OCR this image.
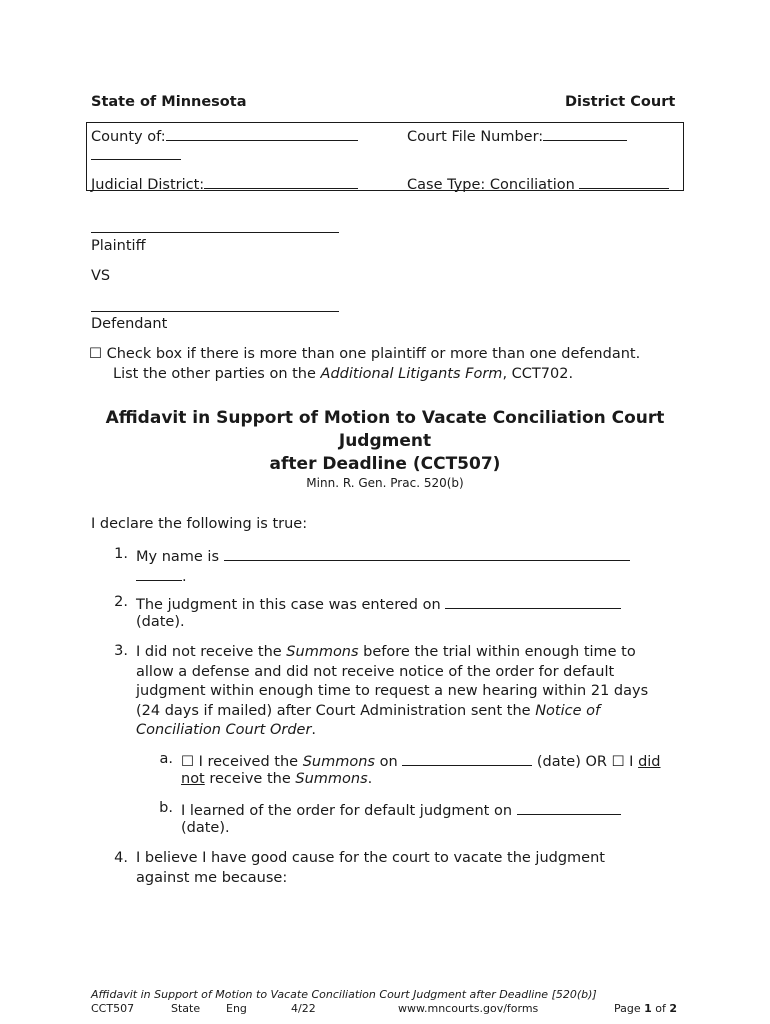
State of Minnesota	District Court
County of:	Court File Number:
Judicial District:	Case Type: Conciliation
Plaintiff
VS
Defendant
☐ Check box if there is more than one plaintiff or more than one defendant.
List the other parties on the Additional Litigants Form, CCT702.
Affidavit in Support of Motion to Vacate Conciliation Court
Judgment
after Deadline (CCT507)
Minn. R. Gen. Prac. 520(b)
I declare the following is true:
1. My name is
.
2. The judgment in this case was entered on
(date).
3. I did not receive the Summons before the trial within enough time to allow a defense and did not receive notice of the order for default judgment within enough time to request a new hearing within 21 days (24 days if mailed) after Court Administration sent the Notice of Conciliation Court Order.
a. ☐ I received the Summons on	(date) OR ☐ I did
not receive the Summons.
b. I learned of the order for default judgment on
(date).
4. I believe I have good cause for the court to vacate the judgment
against me because:
Affidavit in Support of Motion to Vacate Conciliation Court Judgment after Deadline [520(b)]
CCT507	State Eng	4/22	www.mncourts.gov/forms	Page 1 of 2
